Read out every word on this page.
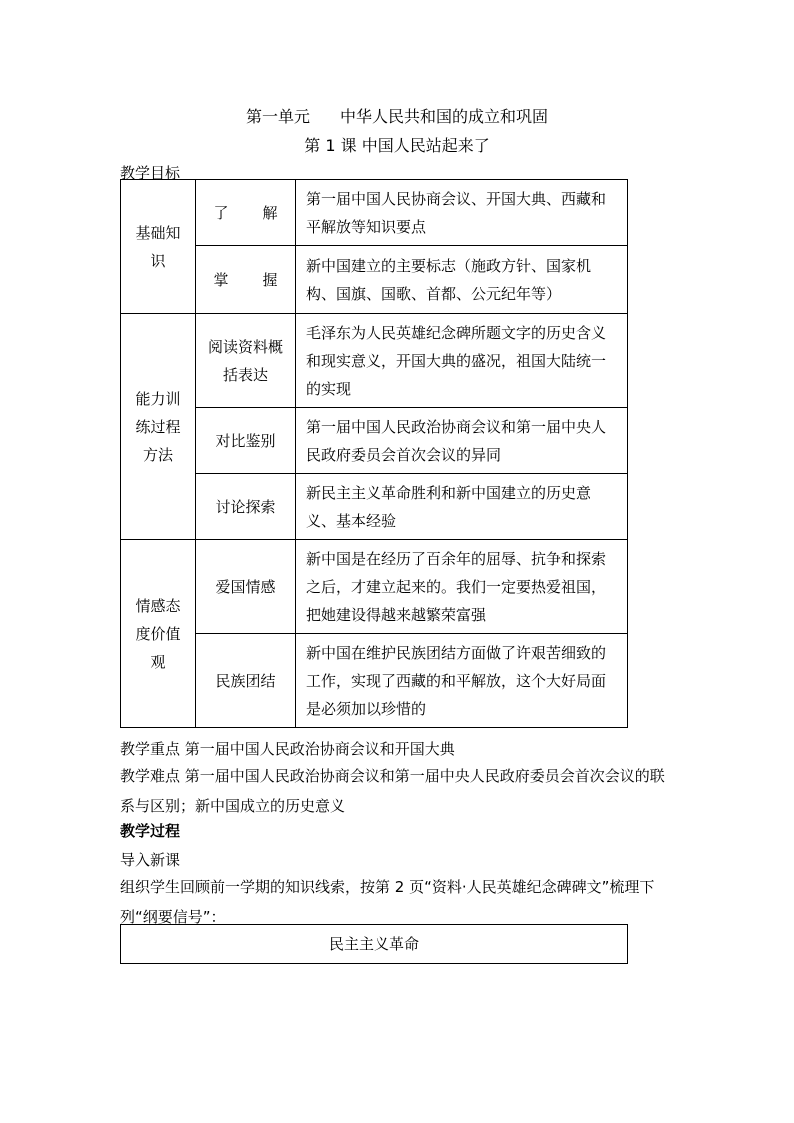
第一单元 中华人民共和国的成立和巩固
第 1 课 中国人民站起来了
教学目标
基础知识	了解	第一届中国人民协商会议、开国大典、西藏和平解放等知识要点
	掌握	新中国建立的主要标志（施政方针、国家机构、国旗、国歌、首都、公元纪年等）
能力训练过程方法	阅读资料概括表达	毛泽东为人民英雄纪念碑所题文字的历史含义和现实意义，开国大典的盛况，祖国大陆统一的实现
	对比鉴别	第一届中国人民政治协商会议和第一届中央人民政府委员会首次会议的异同
	讨论探索	新民主主义革命胜利和新中国建立的历史意义、基本经验
情感态度价值观	爱国情感	新中国是在经历了百余年的屈辱、抗争和探索之后，才建立起来的。我们一定要热爱祖国，把她建设得越来越繁荣富强
	民族团结	新中国在维护民族团结方面做了许艰苦细致的工作，实现了西藏的和平解放，这个大好局面是必须加以珍惜的
教学重点 第一届中国人民政治协商会议和开国大典
教学难点 第一届中国人民政治协商会议和第一届中央人民政府委员会首次会议的联系与区别；新中国成立的历史意义
教学过程
导入新课
组织学生回顾前一学期的知识线索，按第 2 页“资料·人民英雄纪念碑碑文”梳理下列“纲要信号”：
民主主义革命
